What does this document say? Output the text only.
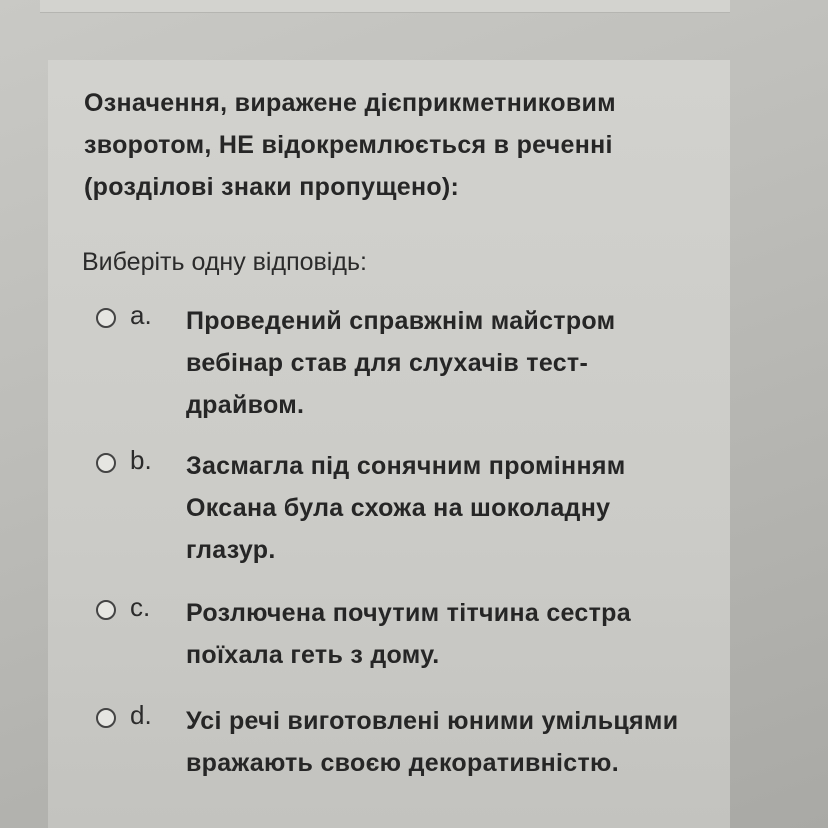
Означення, виражене дієприкметниковим зворотом, НЕ відокремлюється в реченні (розділові знаки пропущено):
Виберіть одну відповідь:
a. Проведений справжнім майстром вебінар став для слухачів тест-драйвом.
b. Засмагла під сонячним промінням Оксана була схожа на шоколадну глазур.
c. Розлючена почутим тітчина сестра поїхала геть з дому.
d. Усі речі виготовлені юними умільцями вражають своєю декоративністю.
